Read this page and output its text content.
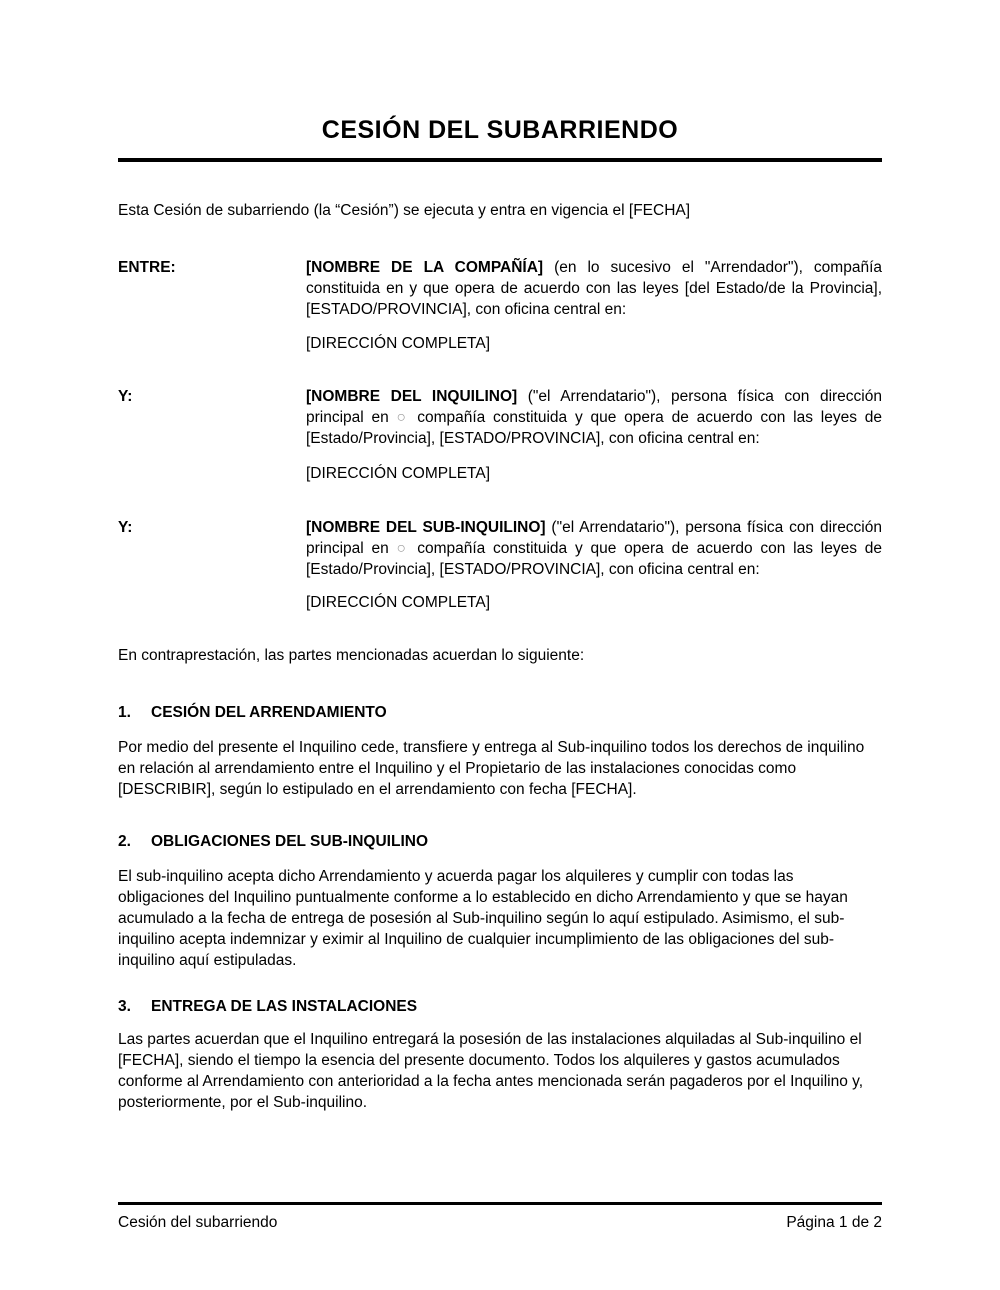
CESIÓN DEL SUBARRIENDO

Esta Cesión de subarriendo (la “Cesión”) se ejecuta y entra en vigencia el [FECHA]

ENTRE:	[NOMBRE DE LA COMPAÑÍA] (en lo sucesivo el "Arrendador"), compañía constituida en y que opera de acuerdo con las leyes [del Estado/de la Provincia], [ESTADO/PROVINCIA], con oficina central en:

[DIRECCIÓN COMPLETA]

Y:	[NOMBRE DEL INQUILINO] ("el Arrendatario"), persona física con dirección principal en ○ compañía constituida y que opera de acuerdo con las leyes de [Estado/Provincia], [ESTADO/PROVINCIA], con oficina central en:

[DIRECCIÓN COMPLETA]

Y:	[NOMBRE DEL SUB-INQUILINO] ("el Arrendatario"), persona física con dirección principal en ○ compañía constituida y que opera de acuerdo con las leyes de [Estado/Provincia], [ESTADO/PROVINCIA], con oficina central en:

[DIRECCIÓN COMPLETA]

En contraprestación, las partes mencionadas acuerdan lo siguiente:

1.	CESIÓN DEL ARRENDAMIENTO

Por medio del presente el Inquilino cede, transfiere y entrega al Sub-inquilino todos los derechos de inquilino en relación al arrendamiento entre el Inquilino y el Propietario de las instalaciones conocidas como [DESCRIBIR], según lo estipulado en el arrendamiento con fecha [FECHA].

2.	OBLIGACIONES DEL SUB-INQUILINO

El sub-inquilino acepta dicho Arrendamiento y acuerda pagar los alquileres y cumplir con todas las obligaciones del Inquilino puntualmente conforme a lo establecido en dicho Arrendamiento y que se hayan acumulado a la fecha de entrega de posesión al Sub-inquilino según lo aquí estipulado. Asimismo, el sub-inquilino acepta indemnizar y eximir al Inquilino de cualquier incumplimiento de las obligaciones del sub-inquilino aquí estipuladas.

3.	ENTREGA DE LAS INSTALACIONES

Las partes acuerdan que el Inquilino entregará la posesión de las instalaciones alquiladas al Sub-inquilino el [FECHA], siendo el tiempo la esencia del presente documento. Todos los alquileres y gastos acumulados conforme al Arrendamiento con anterioridad a la fecha antes mencionada serán pagaderos por el Inquilino y, posteriormente, por el Sub-inquilino.

Cesión del subarriendo	Página 1 de 2
